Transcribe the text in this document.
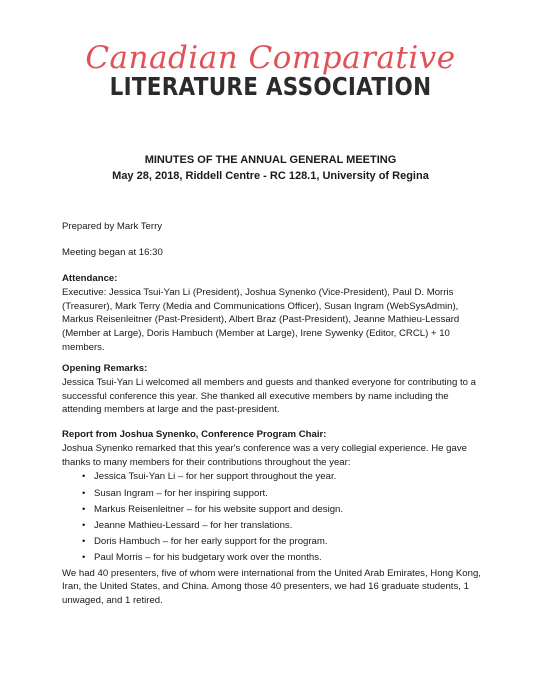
Canadian Comparative
LITERATURE ASSOCIATION
MINUTES OF THE ANNUAL GENERAL MEETING
May 28, 2018, Riddell Centre - RC 128.1, University of Regina

Prepared by Mark Terry

Meeting began at 16:30

Attendance:

Executive: Jessica Tsui-Yan Li (President), Joshua Synenko (Vice-President), Paul D. Morris (Treasurer), Mark Terry (Media and Communications Officer), Susan Ingram (WebSysAdmin), Markus Reisenleitner (Past-President), Albert Braz (Past-President), Jeanne Mathieu-Lessard (Member at Large), Doris Hambuch (Member at Large), Irene Sywenky (Editor, CRCL) + 10 members.

Opening Remarks:

Jessica Tsui-Yan Li welcomed all members and guests and thanked everyone for contributing to a successful conference this year. She thanked all executive members by name including the attending members at large and the past-president.

Report from Joshua Synenko, Conference Program Chair:

Joshua Synenko remarked that this year's conference was a very collegial experience. He gave thanks to many members for their contributions throughout the year:

• Jessica Tsui-Yan Li – for her support throughout the year.
• Susan Ingram – for her inspiring support.
• Markus Reisenleitner – for his website support and design.
• Jeanne Mathieu-Lessard – for her translations.
• Doris Hambuch – for her early support for the program.
• Paul Morris – for his budgetary work over the months.

We had 40 presenters, five of whom were international from the United Arab Emirates, Hong Kong, Iran, the United States, and China. Among those 40 presenters, we had 16 graduate students, 1 unwaged, and 1 retired.
